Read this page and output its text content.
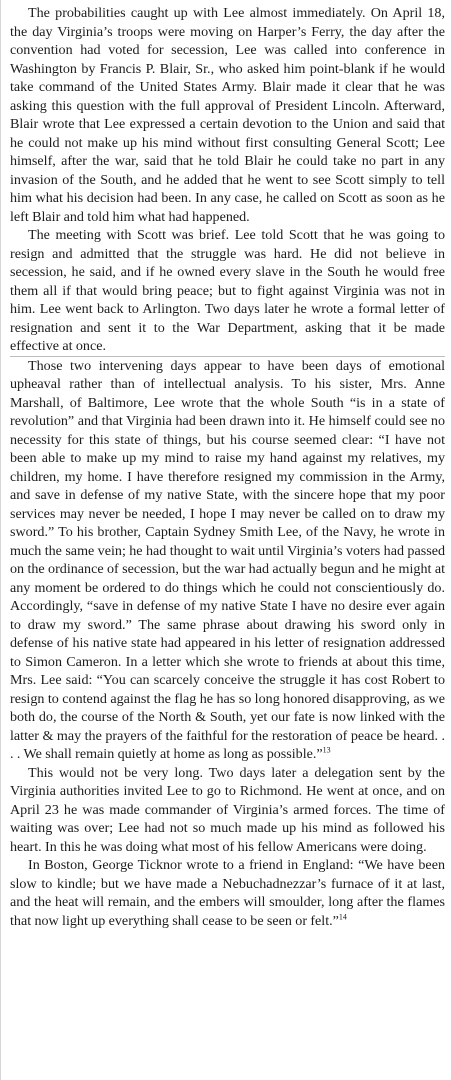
The probabilities caught up with Lee almost immediately. On April 18, the day Virginia’s troops were moving on Harper’s Ferry, the day after the convention had voted for secession, Lee was called into conference in Washington by Francis P. Blair, Sr., who asked him point-blank if he would take command of the United States Army. Blair made it clear that he was asking this question with the full approval of President Lincoln. Afterward, Blair wrote that Lee expressed a certain devotion to the Union and said that he could not make up his mind without first consulting General Scott; Lee himself, after the war, said that he told Blair he could take no part in any invasion of the South, and he added that he went to see Scott simply to tell him what his decision had been. In any case, he called on Scott as soon as he left Blair and told him what had happened.

The meeting with Scott was brief. Lee told Scott that he was going to resign and admitted that the struggle was hard. He did not believe in secession, he said, and if he owned every slave in the South he would free them all if that would bring peace; but to fight against Virginia was not in him. Lee went back to Arlington. Two days later he wrote a formal letter of resignation and sent it to the War Department, asking that it be made effective at once.

Those two intervening days appear to have been days of emotional upheaval rather than of intellectual analysis. To his sister, Mrs. Anne Marshall, of Baltimore, Lee wrote that the whole South “is in a state of revolution” and that Virginia had been drawn into it. He himself could see no necessity for this state of things, but his course seemed clear: “I have not been able to make up my mind to raise my hand against my relatives, my children, my home. I have therefore resigned my commission in the Army, and save in defense of my native State, with the sincere hope that my poor services may never be needed, I hope I may never be called on to draw my sword.” To his brother, Captain Sydney Smith Lee, of the Navy, he wrote in much the same vein; he had thought to wait until Virginia’s voters had passed on the ordinance of secession, but the war had actually begun and he might at any moment be ordered to do things which he could not conscientiously do. Accordingly, “save in defense of my native State I have no desire ever again to draw my sword.” The same phrase about drawing his sword only in defense of his native state had appeared in his letter of resignation addressed to Simon Cameron. In a letter which she wrote to friends at about this time, Mrs. Lee said: “You can scarcely conceive the struggle it has cost Robert to resign to contend against the flag he has so long honored disapproving, as we both do, the course of the North & South, yet our fate is now linked with the latter & may the prayers of the faithful for the restoration of peace be heard. . . . We shall remain quietly at home as long as possible.”$^{13}$

This would not be very long. Two days later a delegation sent by the Virginia authorities invited Lee to go to Richmond. He went at once, and on April 23 he was made commander of Virginia’s armed forces. The time of waiting was over; Lee had not so much made up his mind as followed his heart. In this he was doing what most of his fellow Americans were doing.

In Boston, George Ticknor wrote to a friend in England: “We have been slow to kindle; but we have made a Nebuchadnezzar’s furnace of it at last, and the heat will remain, and the embers will smoulder, long after the flames that now light up everything shall cease to be seen or felt.”$^{14}$
